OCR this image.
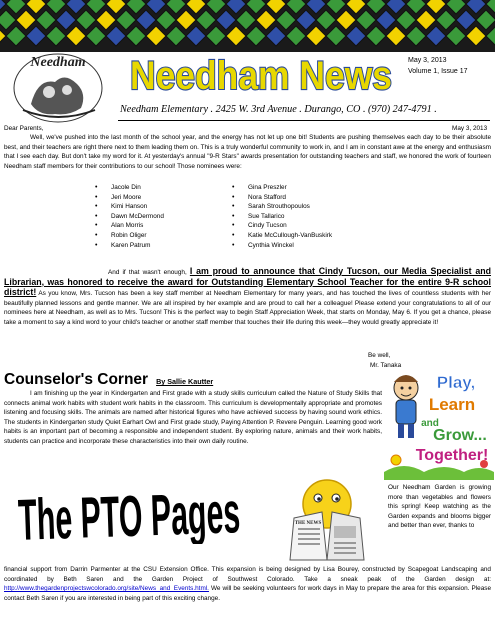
Needham Needham News May 3, 2013
Volume 1, Issue 17
Needham Elementary . 2425 W. 3rd Avenue . Durango, CO . (970) 247-4791 .
Dear Parents,	May 3, 2013
Well, we've pushed into the last month of the school year, and the energy has not let up one bit! Students are pushing themselves each day to be their absolute best, and their teachers are right there next to them leading them on. This is a truly wonderful community to work in, and I am in constant awe at the energy and enthusiasm that I see each day. But don't take my word for it. At yesterday's annual "9-R Stars" awards presentation for outstanding teachers and staff, we honored the work of fourteen Needham staff members for their contributions to our school! Those nominees were:
• Jacole Din
• Jeri Moore
• Kimi Hanson
• Dawn McDermond
• Alan Morris
• Robin Oliger
• Karen Patrum
• Gina Preszler
• Nora Stafford
• Sarah Strouthopoulos
• Sue Tallarico
• Cindy Tucson
• Katie McCullough-VanBuskirk
• Cynthia Winckel
And if that wasn't enough, I am proud to announce that Cindy Tucson, our Media Specialist and Librarian, was honored to receive the award for Outstanding Elementary School Teacher for the entire 9-R school district! As you know, Mrs. Tucson has been a key staff member at Needham Elementary for many years, and has touched the lives of countless students with her beautifully planned lessons and gentle manner. We are all inspired by her example and are proud to call her a colleague! Please extend your congratulations to all of our nominees here at Needham, as well as to Mrs. Tucson! This is the perfect way to begin Staff Appreciation Week, that starts on Monday, May 6. If you get a chance, please take a moment to say a kind word to your child's teacher or another staff member that touches their life during this week—they would greatly appreciate it!
Be well,
Mr. Tanaka
Counselor's Corner By Sallie Kautter
I am finishing up the year in Kindergarten and First grade with a study skills curriculum called the Nature of Study Skills that connects animal work habits with student work habits in the classroom. This curriculum is developmentally appropriate and promotes listening and focusing skills. The animals are named after historical figures who have achieved success by having sound work ethics. The students in Kindergarten study Quiet Earhart Owl and First grade study, Paying Attention P. Revere Penguin. Learning good work habits is an important part of becoming a responsible and independent student. By exploring nature, animals and their work habits, students can practice and incorporate these characteristics into their own daily routine.
Play,
Learn
and
Grow...
Together!
The PTO	THE NEWS
Our Needham Garden is growing more than vegetables and flowers this spring! Keep watching as the Garden expands and blooms bigger and better than ever, thanks to
financial support from Darrin Parmenter at the CSU Extension Office. This expansion is being designed by Lisa Bourey, constructed by Scapegoat Landscaping and coordinated by Beth Saren and the Garden Project of Southwest Colorado. Take a sneak peak of the Garden design at: http://www.thegardenprojectswcolorado.org/site/News_and_Events.html. We will be seeking volunteers for work days in May to prepare the area for this expansion. Please contact Beth Saren if you are interested in being part of this exciting change.
